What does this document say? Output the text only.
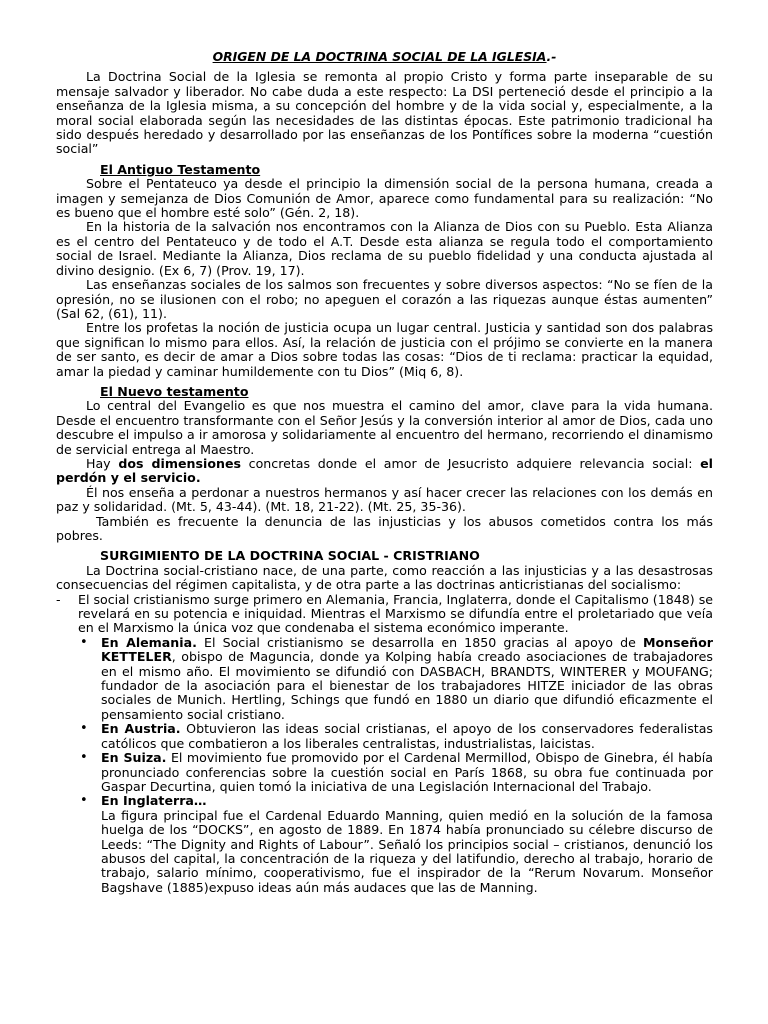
ORIGEN DE LA DOCTRINA SOCIAL DE LA IGLESIA.-

La Doctrina Social de la Iglesia se remonta al propio Cristo y forma parte inseparable de su mensaje salvador y liberador. No cabe duda a este respecto: La DSI perteneció desde el principio a la enseñanza de la Iglesia misma, a su concepción del hombre y de la vida social y, especialmente, a la moral social elaborada según las necesidades de las distintas épocas. Este patrimonio tradicional ha sido después heredado y desarrollado por las enseñanzas de los Pontífices sobre la moderna “cuestión social”

El Antiguo Testamento

Sobre el Pentateuco ya desde el principio la dimensión social de la persona humana, creada a imagen y semejanza de Dios Comunión de Amor, aparece como fundamental para su realización: “No es bueno que el hombre esté solo” (Gén. 2, 18).

En la historia de la salvación nos encontramos con la Alianza de Dios con su Pueblo. Esta Alianza es el centro del Pentateuco y de todo el A.T. Desde esta alianza se regula todo el comportamiento social de Israel. Mediante la Alianza, Dios reclama de su pueblo fidelidad y una conducta ajustada al divino designio. (Ex 6, 7) (Prov. 19, 17).

Las enseñanzas sociales de los salmos son frecuentes y sobre diversos aspectos: “No se fíen de la opresión, no se ilusionen con el robo; no apeguen el corazón a las riquezas aunque éstas aumenten” (Sal 62, (61), 11).

Entre los profetas la noción de justicia ocupa un lugar central. Justicia y santidad son dos palabras que significan lo mismo para ellos. Así, la relación de justicia con el prójimo se convierte en la manera de ser santo, es decir de amar a Dios sobre todas las cosas: “Dios de ti reclama: practicar la equidad, amar la piedad y caminar humildemente con tu Dios” (Miq 6, 8).

El Nuevo testamento

Lo central del Evangelio es que nos muestra el camino del amor, clave para la vida humana. Desde el encuentro transformante con el Señor Jesús y la conversión interior al amor de Dios, cada uno descubre el impulso a ir amorosa y solidariamente al encuentro del hermano, recorriendo el dinamismo de servicial entrega al Maestro.

Hay dos dimensiones concretas donde el amor de Jesucristo adquiere relevancia social: el perdón y el servicio.

Él nos enseña a perdonar a nuestros hermanos y así hacer crecer las relaciones con los demás en paz y solidaridad. (Mt. 5, 43-44). (Mt. 18, 21-22). (Mt. 25, 35-36).

También es frecuente la denuncia de las injusticias y los abusos cometidos contra los más pobres.

SURGIMIENTO DE LA DOCTRINA SOCIAL - CRISTRIANO

La Doctrina social-cristiano nace, de una parte, como reacción a las injusticias y a las desastrosas consecuencias del régimen capitalista, y de otra parte a las doctrinas anticristianas del socialismo:

- El social cristianismo surge primero en Alemania, Francia, Inglaterra, donde el Capitalismo (1848) se revelará en su potencia e iniquidad. Mientras el Marxismo se difundía entre el proletariado que veía en el Marxismo la única voz que condenaba el sistema económico imperante.

• En Alemania. El Social cristianismo se desarrolla en 1850 gracias al apoyo de Monseñor KETTELER, obispo de Maguncia, donde ya Kolping había creado asociaciones de trabajadores en el mismo año. El movimiento se difundió con DASBACH, BRANDTS, WINTERER y MOUFANG; fundador de la asociación para el bienestar de los trabajadores HITZE iniciador de las obras sociales de Munich. Hertling, Schings que fundó en 1880 un diario que difundió eficazmente el pensamiento social cristiano.
• En Austria. Obtuvieron las ideas social cristianas, el apoyo de los conservadores federalistas católicos que combatieron a los liberales centralistas, industrialistas, laicistas.
• En Suiza. El movimiento fue promovido por el Cardenal Mermillod, Obispo de Ginebra, él había pronunciado conferencias sobre la cuestión social en París 1868, su obra fue continuada por Gaspar Decurtina, quien tomó la iniciativa de una Legislación Internacional del Trabajo.
• En Inglaterra…
La figura principal fue el Cardenal Eduardo Manning, quien medió en la solución de la famosa huelga de los “DOCKS”, en agosto de 1889. En 1874 había pronunciado su célebre discurso de Leeds: “The Dignity and Rights of Labour”. Señaló los principios social – cristianos, denunció los abusos del capital, la concentración de la riqueza y del latifundio, derecho al trabajo, horario de trabajo, salario mínimo, cooperativismo, fue el inspirador de la “Rerum Novarum. Monseñor Bagshave (1885)expuso ideas aún más audaces que las de Manning.
